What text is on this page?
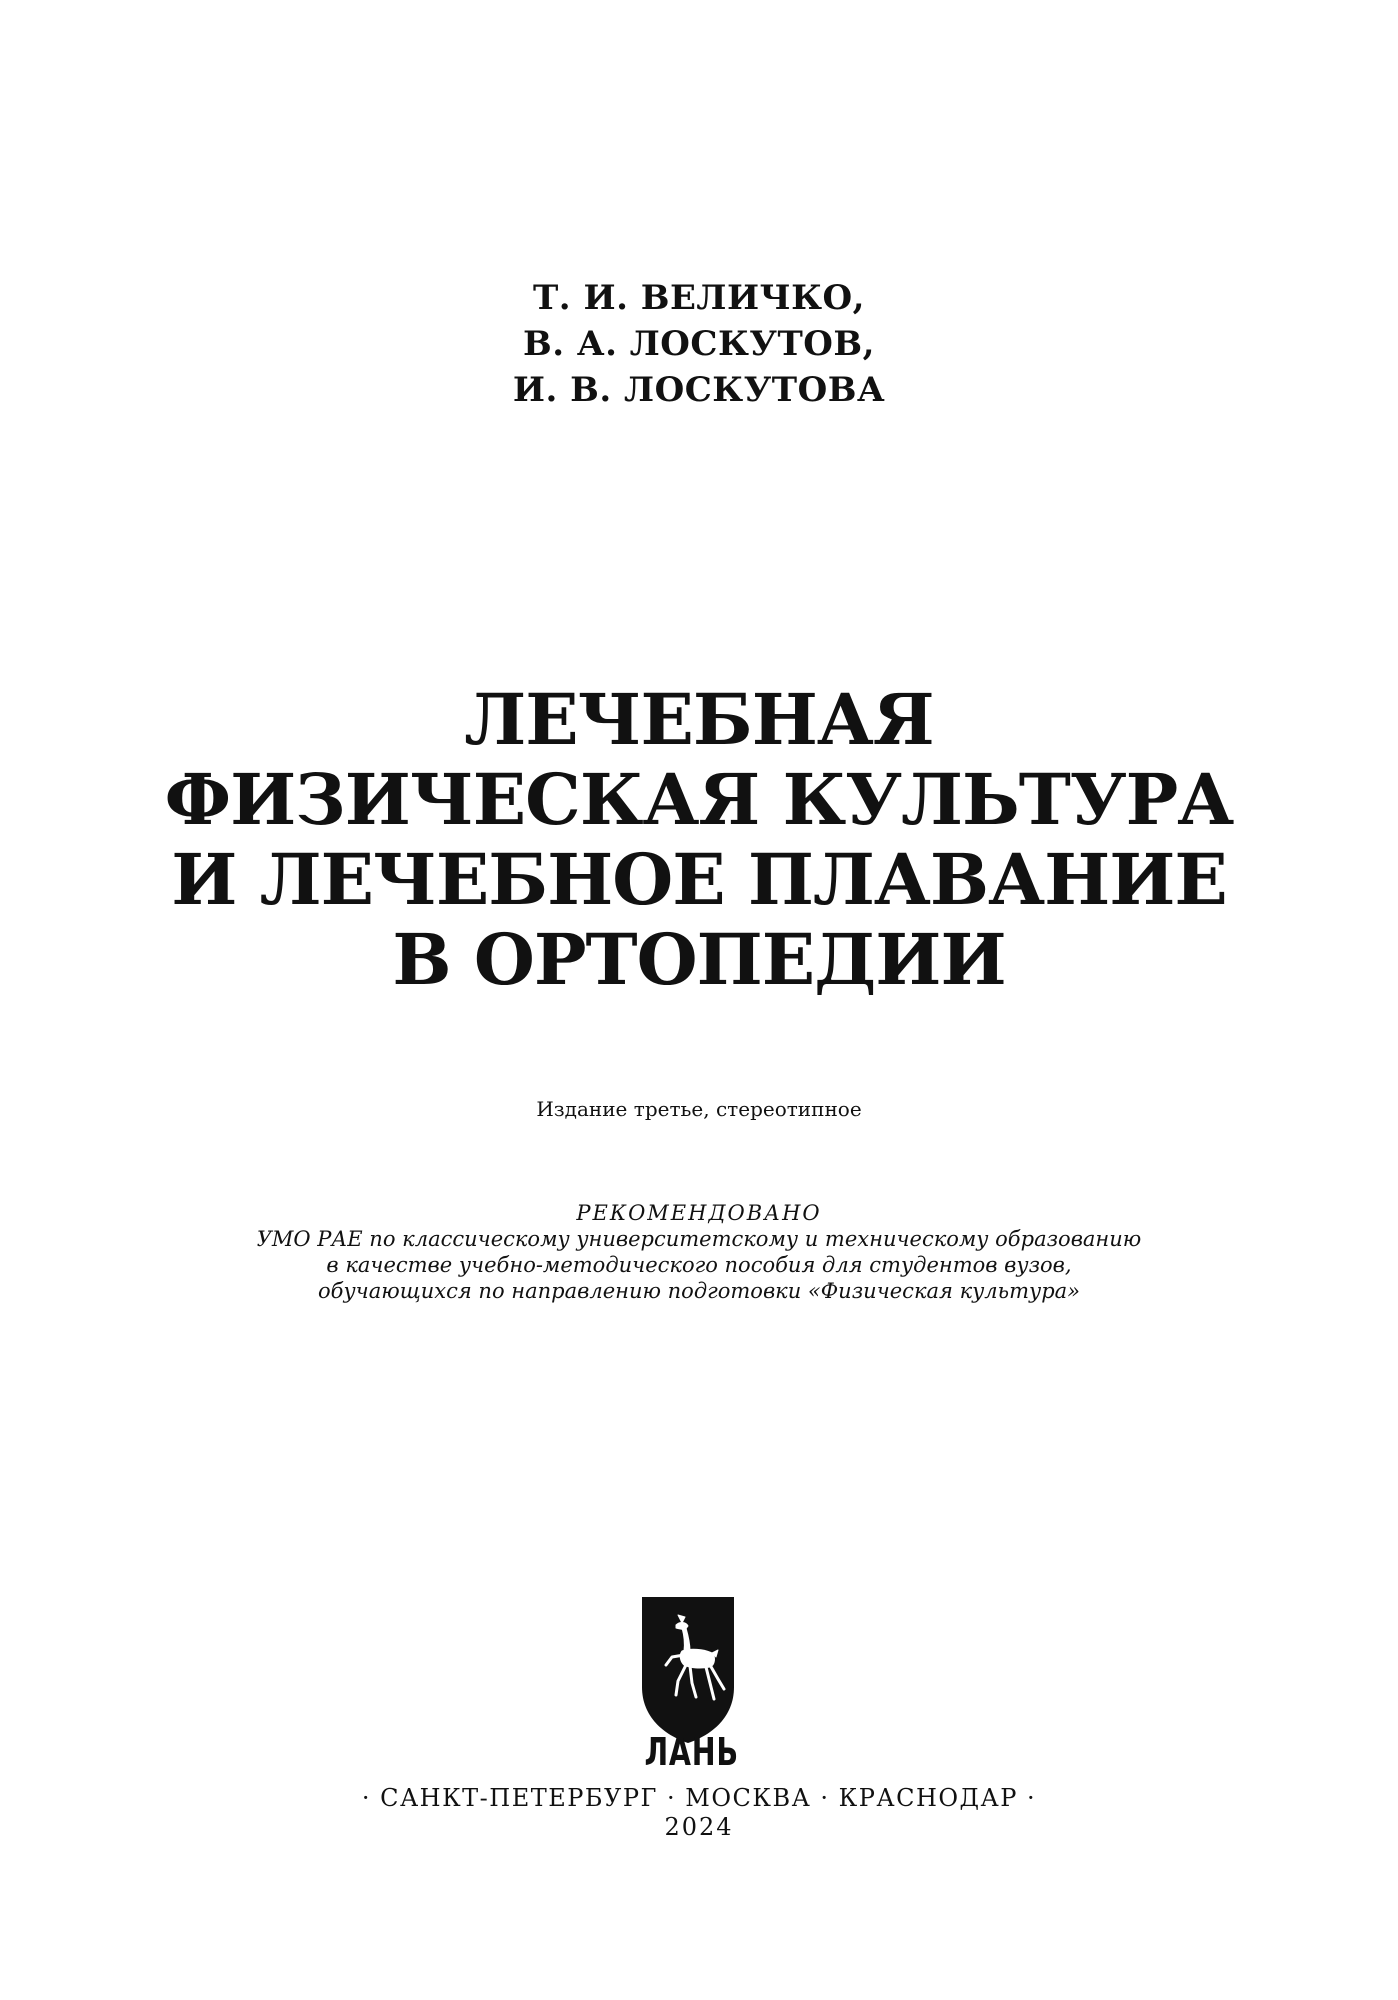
Т. И. ВЕЛИЧКО,
В. А. ЛОСКУТОВ,
И. В. ЛОСКУТОВА
ЛЕЧЕБНАЯ
ФИЗИЧЕСКАЯ КУЛЬТУРА
И ЛЕЧЕБНОЕ ПЛАВАНИЕ
В ОРТОПЕДИИ
Издание третье, стереотипное
РЕКОМЕНДОВАНО
УМО РАЕ по классическому университетскому и техническому образованию
в качестве учебно-методического пособия для студентов вузов,
обучающихся по направлению подготовки «Физическая культура»
ЛАНЬ
· САНКТ-ПЕТЕРБУРГ · МОСКВА · КРАСНОДАР ·
2024
